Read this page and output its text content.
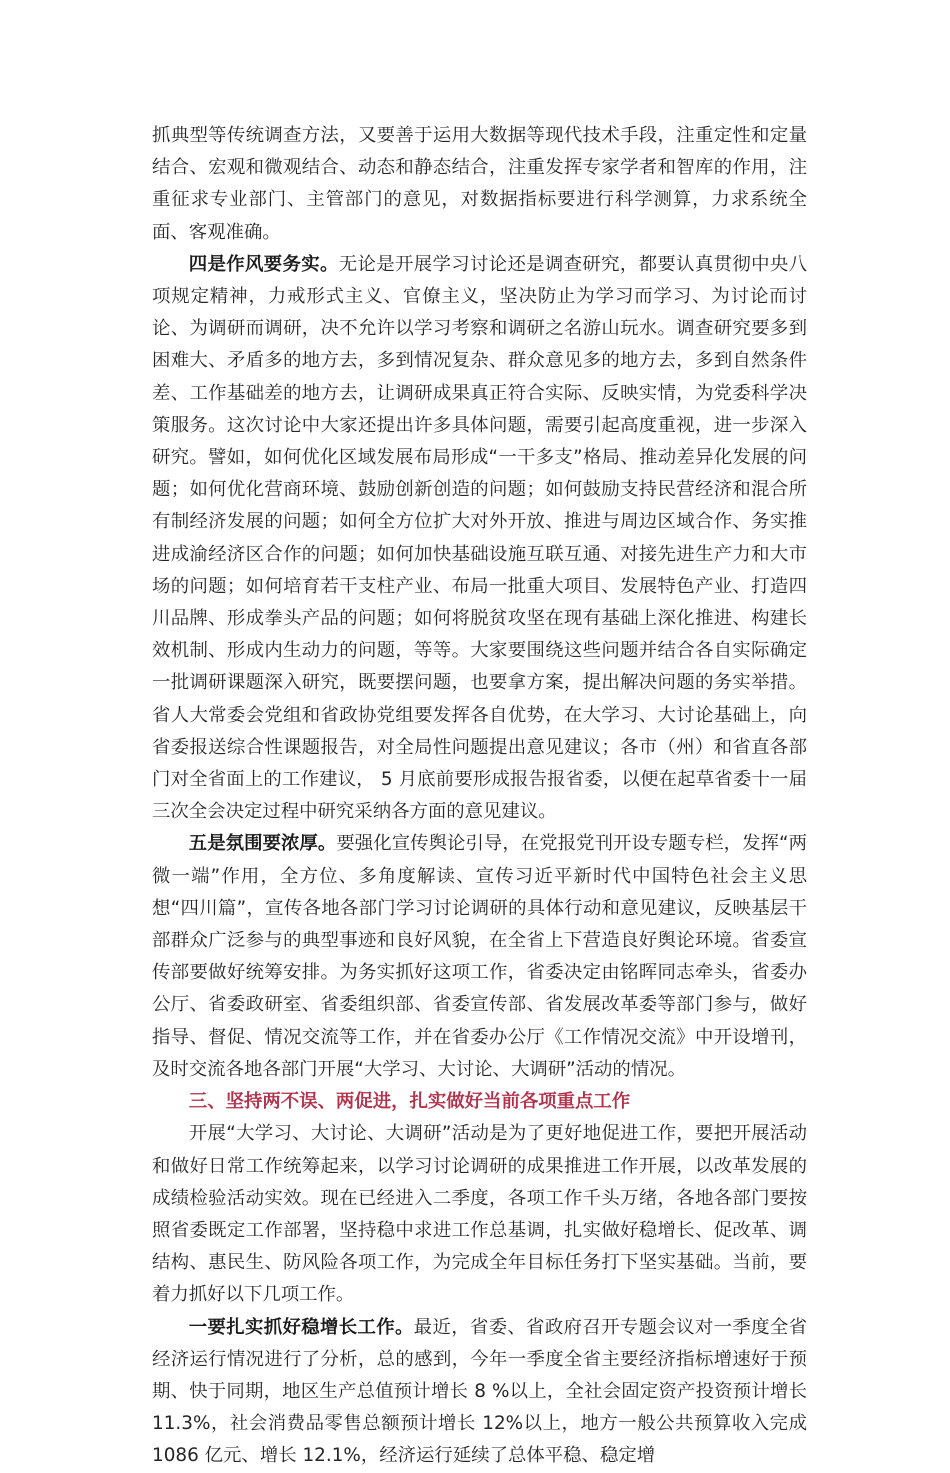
抓典型等传统调查方法，又要善于运用大数据等现代技术手段，注重定性和定量结合、宏观和微观结合、动态和静态结合，注重发挥专家学者和智库的作用，注重征求专业部门、主管部门的意见，对数据指标要进行科学测算，力求系统全面、客观准确。

四是作风要务实。无论是开展学习讨论还是调查研究，都要认真贯彻中央八项规定精神，力戒形式主义、官僚主义，坚决防止为学习而学习、为讨论而讨论、为调研而调研，决不允许以学习考察和调研之名游山玩水。调查研究要多到困难大、矛盾多的地方去，多到情况复杂、群众意见多的地方去，多到自然条件差、工作基础差的地方去，让调研成果真正符合实际、反映实情，为党委科学决策服务。这次讨论中大家还提出许多具体问题，需要引起高度重视，进一步深入研究。譬如，如何优化区域发展布局形成“一干多支”格局、推动差异化发展的问题；如何优化营商环境、鼓励创新创造的问题；如何鼓励支持民营经济和混合所有制经济发展的问题；如何全方位扩大对外开放、推进与周边区域合作、务实推进成渝经济区合作的问题；如何加快基础设施互联互通、对接先进生产力和大市场的问题；如何培育若干支柱产业、布局一批重大项目、发展特色产业、打造四川品牌、形成拳头产品的问题；如何将脱贫攻坚在现有基础上深化推进、构建长效机制、形成内生动力的问题，等等。大家要围绕这些问题并结合各自实际确定一批调研课题深入研究，既要摆问题，也要拿方案，提出解决问题的务实举措。省人大常委会党组和省政协党组要发挥各自优势，在大学习、大讨论基础上，向省委报送综合性课题报告，对全局性问题提出意见建议；各市（州）和省直各部门对全省面上的工作建议， 5 月底前要形成报告报省委，以便在起草省委十一届三次全会决定过程中研究采纳各方面的意见建议。

五是氛围要浓厚。要强化宣传舆论引导，在党报党刊开设专题专栏，发挥“两微一端”作用，全方位、多角度解读、宣传习近平新时代中国特色社会主义思想“四川篇”，宣传各地各部门学习讨论调研的具体行动和意见建议，反映基层干部群众广泛参与的典型事迹和良好风貌，在全省上下营造良好舆论环境。省委宣传部要做好统筹安排。为务实抓好这项工作，省委决定由铭晖同志牵头，省委办公厅、省委政研室、省委组织部、省委宣传部、省发展改革委等部门参与，做好指导、督促、情况交流等工作，并在省委办公厅《工作情况交流》中开设增刊，及时交流各地各部门开展“大学习、大讨论、大调研”活动的情况。

三、坚持两不误、两促进，扎实做好当前各项重点工作

开展“大学习、大讨论、大调研”活动是为了更好地促进工作，要把开展活动和做好日常工作统筹起来，以学习讨论调研的成果推进工作开展，以改革发展的成绩检验活动实效。现在已经进入二季度，各项工作千头万绪，各地各部门要按照省委既定工作部署，坚持稳中求进工作总基调，扎实做好稳增长、促改革、调结构、惠民生、防风险各项工作，为完成全年目标任务打下坚实基础。当前，要着力抓好以下几项工作。

一要扎实抓好稳增长工作。最近，省委、省政府召开专题会议对一季度全省经济运行情况进行了分析，总的感到，今年一季度全省主要经济指标增速好于预期、快于同期，地区生产总值预计增长 8 %以上，全社会固定资产投资预计增长 11.3%，社会消费品零售总额预计增长 12%以上，地方一般公共预算收入完成 1086 亿元、增长 12.1%，经济运行延续了总体平稳、稳定增
